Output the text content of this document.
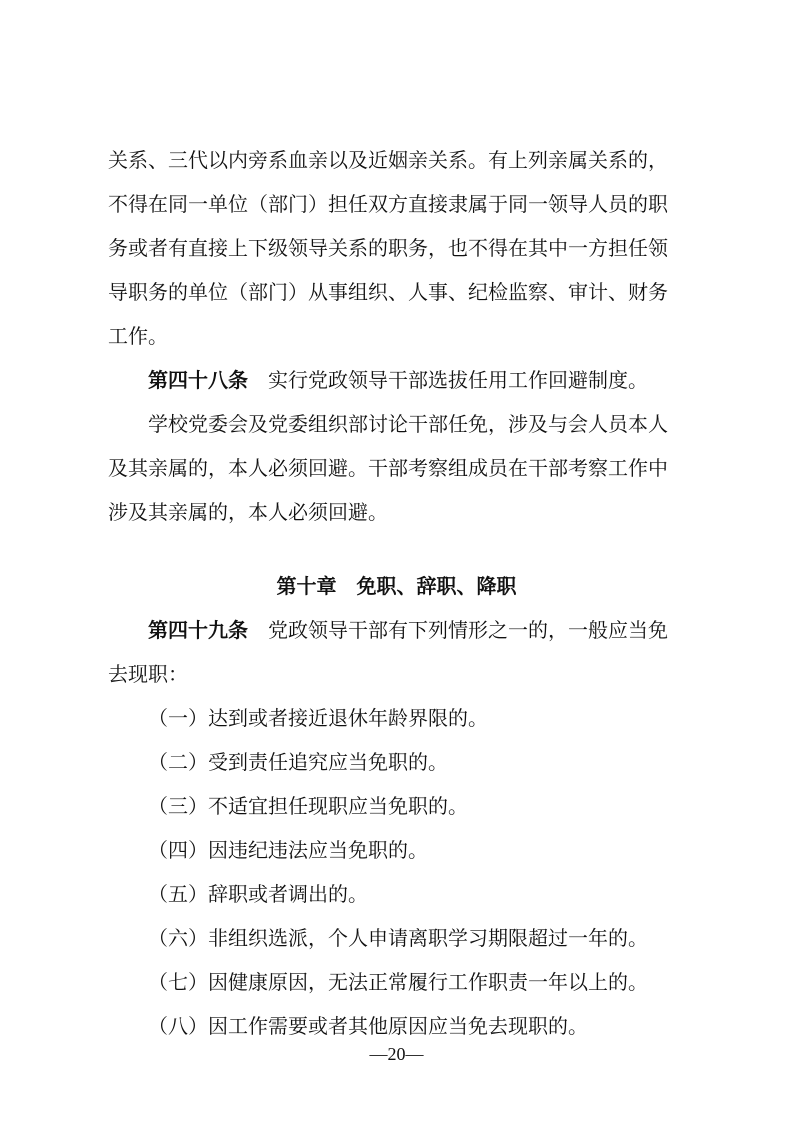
关系、三代以内旁系血亲以及近姻亲关系。有上列亲属关系的，
不得在同一单位（部门）担任双方直接隶属于同一领导人员的职
务或者有直接上下级领导关系的职务，也不得在其中一方担任领
导职务的单位（部门）从事组织、人事、纪检监察、审计、财务
工作。
第四十八条 实行党政领导干部选拔任用工作回避制度。
学校党委会及党委组织部讨论干部任免，涉及与会人员本人
及其亲属的，本人必须回避。干部考察组成员在干部考察工作中
涉及其亲属的，本人必须回避。
第十章　免职、辞职、降职
第四十九条 党政领导干部有下列情形之一的，一般应当免
去现职：
（一）达到或者接近退休年龄界限的。
（二）受到责任追究应当免职的。
（三）不适宜担任现职应当免职的。
（四）因违纪违法应当免职的。
（五）辞职或者调出的。
（六）非组织选派，个人申请离职学习期限超过一年的。
（七）因健康原因，无法正常履行工作职责一年以上的。
（八）因工作需要或者其他原因应当免去现职的。
—20—
